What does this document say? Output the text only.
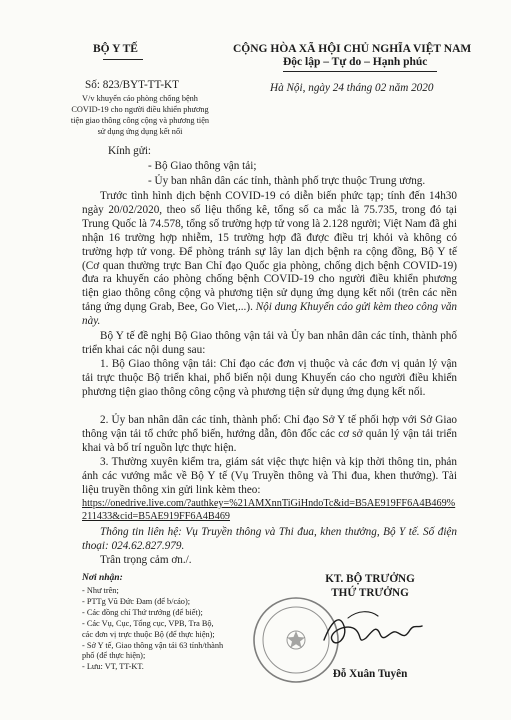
BỘ Y TẾ	CỘNG HÒA XÃ HỘI CHỦ NGHĨA VIỆT NAM
Độc lập – Tự do – Hạnh phúc
Số: 823/BYT-TT-KT
V/v khuyến cáo phòng chống bệnh
COVID-19 cho người điều khiển phương
tiện giao thông công cộng và phương tiện
sử dụng ứng dụng kết nối
Hà Nội, ngày 24 tháng 02 năm 2020
Kính gửi:
- Bộ Giao thông vận tải;
- Ủy ban nhân dân các tỉnh, thành phố trực thuộc Trung ương.
Trước tình hình dịch bệnh COVID-19 có diễn biến phức tạp; tính đến 14h30 ngày 20/02/2020, theo số liệu thống kê, tổng số ca mắc là 75.735, trong đó tại Trung Quốc là 74.578, tổng số trường hợp tử vong là 2.128 người; Việt Nam đã ghi nhận 16 trường hợp nhiễm, 15 trường hợp đã được điều trị khỏi và không có trường hợp tử vong. Để phòng tránh sự lây lan dịch bệnh ra cộng đồng, Bộ Y tế (Cơ quan thường trực Ban Chỉ đạo Quốc gia phòng, chống dịch bệnh COVID-19) đưa ra khuyến cáo phòng chống bệnh COVID-19 cho người điều khiển phương tiện giao thông công cộng và phương tiện sử dụng ứng dụng kết nối (trên các nền tảng ứng dụng Grab, Bee, Go Viet,...). Nội dung Khuyến cáo gửi kèm theo công văn này.
Bộ Y tế đề nghị Bộ Giao thông vận tải và Ủy ban nhân dân các tỉnh, thành phố triển khai các nội dung sau:
1. Bộ Giao thông vận tải: Chỉ đạo các đơn vị thuộc và các đơn vị quản lý vận tải trực thuộc Bộ triển khai, phổ biến nội dung Khuyến cáo cho người điều khiển phương tiện giao thông công cộng và phương tiện sử dụng ứng dụng kết nối.
2. Ủy ban nhân dân các tỉnh, thành phố: Chỉ đạo Sở Y tế phối hợp với Sở Giao thông vận tải tổ chức phổ biến, hướng dẫn, đôn đốc các cơ sở quản lý vận tải triển khai và bố trí nguồn lực thực hiện.
3. Thường xuyên kiểm tra, giám sát việc thực hiện và kịp thời thông tin, phản ánh các vướng mắc về Bộ Y tế (Vụ Truyền thông và Thi đua, khen thưởng). Tài liệu truyền thông xin gửi link kèm theo:
https://onedrive.live.com/?authkey=%21AMXnnTiGiHndoTc&id=B5AE919FF6A4B469%211433&cid=B5AE919FF6A4B469
Thông tin liên hệ: Vụ Truyền thông và Thi đua, khen thưởng, Bộ Y tế. Số điện thoại: 024.62.827.979.
Trân trọng cảm ơn./.
Nơi nhận:
- Như trên;
- PTTg Vũ Đức Đam (để b/cáo);
- Các đồng chí Thứ trưởng (để biết);
- Các Vụ, Cục, Tổng cục, VPB, Tra Bộ,
các đơn vị trực thuộc Bộ (để thực hiện);
- Sở Y tế, Giao thông vận tải 63 tỉnh/thành
phố (để thực hiện);
- Lưu: VT, TT-KT.
KT. BỘ TRƯỞNG
THỨ TRƯỞNG
Đỗ Xuân Tuyên
